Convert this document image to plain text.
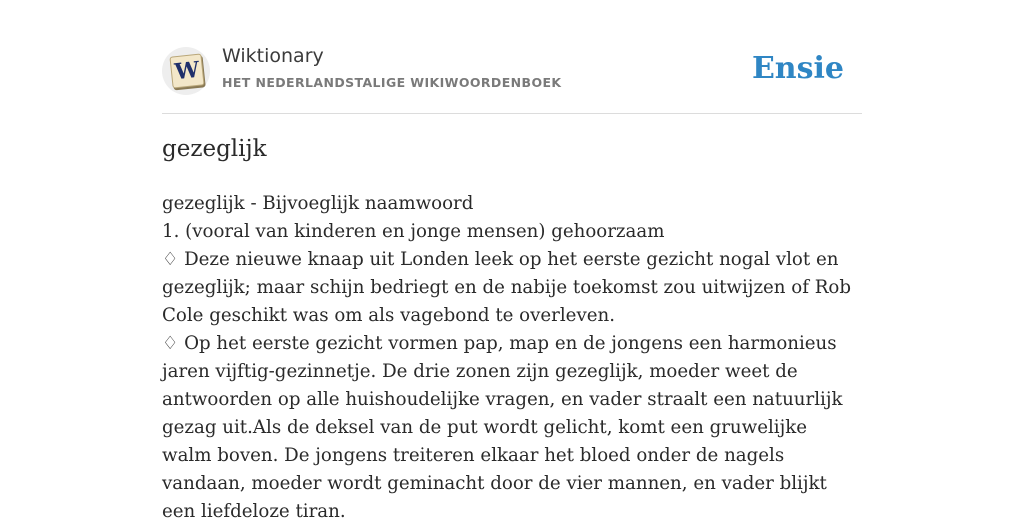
W
Wiktionary
HET NEDERLANDSTALIGE WIKIWOORDENBOEK	Ensie
gezeglijk

gezeglijk - Bijvoeglijk naamwoord

1. (vooral van kinderen en jonge mensen) gehoorzaam

♢ Deze nieuwe knaap uit Londen leek op het eerste gezicht nogal vlot en gezeglijk; maar schijn bedriegt en de nabije toekomst zou uitwijzen of Rob Cole geschikt was om als vagebond te overleven.

♢ Op het eerste gezicht vormen pap, map en de jongens een harmonieus jaren vijftig-gezinnetje. De drie zonen zijn gezeglijk, moeder weet de antwoorden op alle huishoudelijke vragen, en vader straalt een natuurlijk gezag uit.Als de deksel van de put wordt gelicht, komt een gruwelijke walm boven. De jongens treiteren elkaar het bloed onder de nagels vandaan, moeder wordt geminacht door de vier mannen, en vader blijkt een liefdeloze tiran.
